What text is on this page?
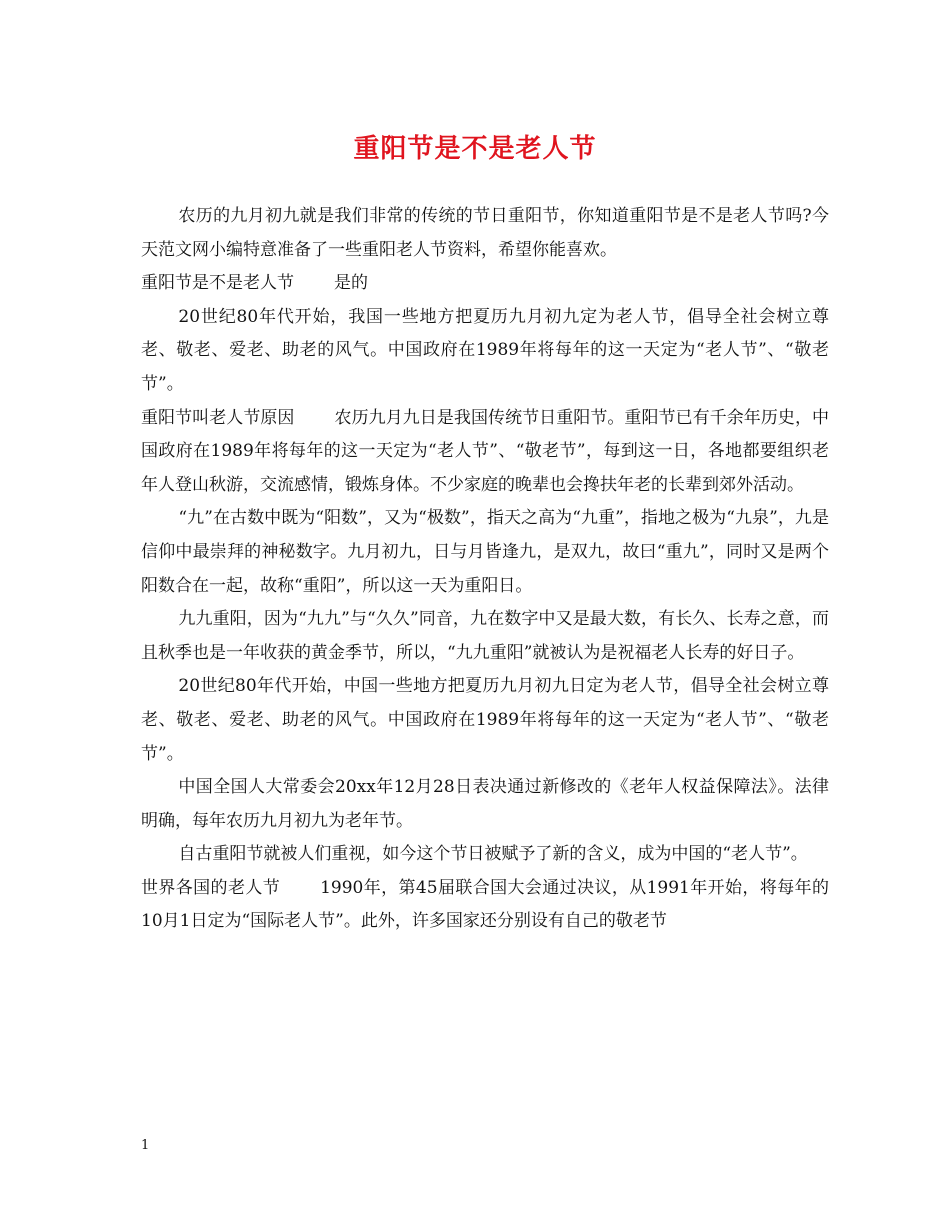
重阳节是不是老人节

农历的九月初九就是我们非常的传统的节日重阳节，你知道重阳节是不是老人节吗?今天范文网小编特意准备了一些重阳老人节资料，希望你能喜欢。

重阳节是不是老人节 是的

20世纪80年代开始，我国一些地方把夏历九月初九定为老人节，倡导全社会树立尊老、敬老、爱老、助老的风气。中国政府在1989年将每年的这一天定为“老人节”、“敬老节”。

重阳节叫老人节原因 农历九月九日是我国传统节日重阳节。重阳节已有千余年历史，中国政府在1989年将每年的这一天定为“老人节”、“敬老节”，每到这一日，各地都要组织老年人登山秋游，交流感情，锻炼身体。不少家庭的晚辈也会搀扶年老的长辈到郊外活动。

“九”在古数中既为“阳数”，又为“极数”，指天之高为“九重”，指地之极为“九泉”，九是信仰中最崇拜的神秘数字。九月初九，日与月皆逢九，是双九，故曰“重九”，同时又是两个阳数合在一起，故称“重阳”，所以这一天为重阳日。

九九重阳，因为“九九”与“久久”同音，九在数字中又是最大数，有长久、长寿之意，而且秋季也是一年收获的黄金季节，所以，“九九重阳”就被认为是祝福老人长寿的好日子。

20世纪80年代开始，中国一些地方把夏历九月初九日定为老人节，倡导全社会树立尊老、敬老、爱老、助老的风气。中国政府在1989年将每年的这一天定为“老人节”、“敬老节”。

中国全国人大常委会20xx年12月28日表决通过新修改的《老年人权益保障法》。法律明确，每年农历九月初九为老年节。

自古重阳节就被人们重视，如今这个节日被赋予了新的含义，成为中国的“老人节”。

世界各国的老人节 1990年，第45届联合国大会通过决议，从1991年开始，将每年的10月1日定为“国际老人节”。此外，许多国家还分别设有自己的敬老节

1
